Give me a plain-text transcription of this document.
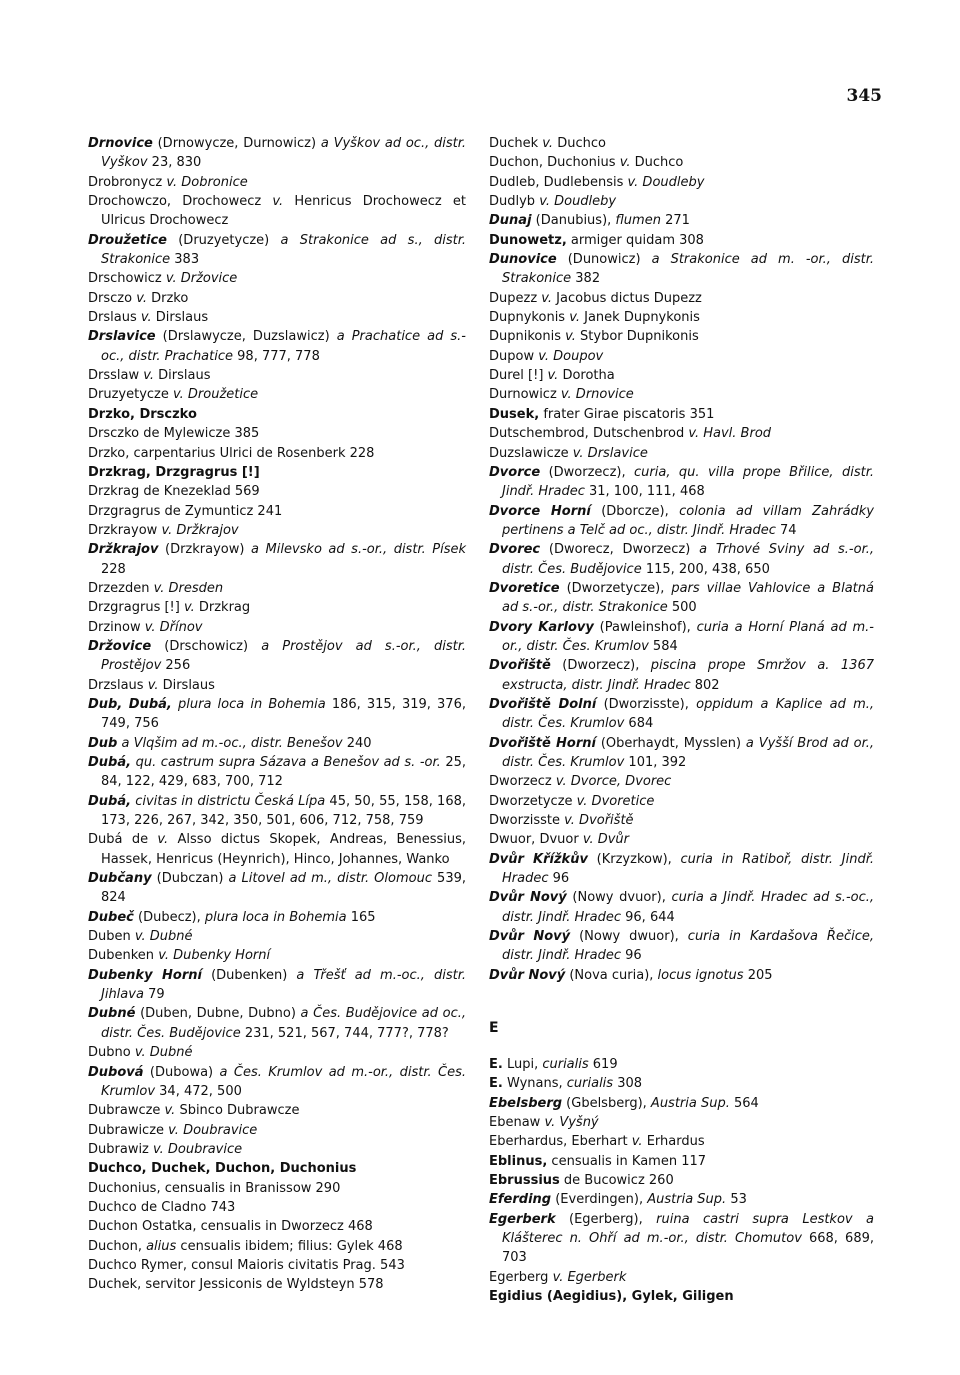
345
Drnovice (Drnowycze, Durnowicz) a Vyškov ad oc., distr. Vyškov 23, 830
Drobronycz v. Dobronice
Drochowczo, Drochowecz v. Henricus Drochowecz et Ulricus Drochowecz
Droužetice (Druzyetycze) a Strakonice ad s., distr. Strakonice 383
Drschowicz v. Držovice
Drsczo v. Drzko
Drslaus v. Dirslaus
Drslavice (Drslawycze, Duzslawicz) a Prachatice ad s.-oc., distr. Prachatice 98, 777, 778
Drsslaw v. Dirslaus
Druzyetycze v. Droužetice
Drzko, Drsczko
Drsczko de Mylewicze 385
Drzko, carpentarius Ulrici de Rosenberk 228
Drzkrag, Drzgragrus [!]
Drzkrag de Knezeklad 569
Drzgragrus de Zymunticz 241
Drzkrayow v. Držkrajov
Držkrajov (Drzkrayow) a Milevsko ad s.-or., distr. Písek 228
Drzezden v. Dresden
Drzgragrus [!] v. Drzkrag
Drzinow v. Dřínov
Držovice (Drschowicz) a Prostějov ad s.-or., distr. Prostějov 256
Drzslaus v. Dirslaus
Dub, Dubá, plura loca in Bohemia 186, 315, 319, 376, 749, 756
Dub a Vlqšim ad m.-oc., distr. Benešov 240
Dubá, qu. castrum supra Sázava a Benešov ad s. -or. 25, 84, 122, 429, 683, 700, 712
Dubá, civitas in districtu Česká Lípa 45, 50, 55, 158, 168, 173, 226, 267, 342, 350, 501, 606, 712, 758, 759
Dubá de v. Alsso dictus Skopek, Andreas, Benessius, Hassek, Henricus (Heynrich), Hinco, Johannes, Wanko
Dubčany (Dubczan) a Litovel ad m., distr. Olomouc 539, 824
Dubeč (Dubecz), plura loca in Bohemia 165
Duben v. Dubné
Dubenken v. Dubenky Horní
Dubenky Horní (Dubenken) a Třešť ad m.-oc., distr. Jihlava 79
Dubné (Duben, Dubne, Dubno) a Čes. Budějovice ad oc., distr. Čes. Budějovice 231, 521, 567, 744, 777?, 778?
Dubno v. Dubné
Dubová (Dubowa) a Čes. Krumlov ad m.-or., distr. Čes. Krumlov 34, 472, 500
Dubrawcze v. Sbinco Dubrawcze
Dubrawicze v. Doubravice
Dubrawiz v. Doubravice
Duchco, Duchek, Duchon, Duchonius
Duchonius, censualis in Branissow 290
Duchco de Cladno 743
Duchon Ostatka, censualis in Dworzecz 468
Duchon, alius censualis ibidem; filius: Gylek 468
Duchco Rymer, consul Maioris civitatis Prag. 543
Duchek, servitor Jessiconis de Wyldsteyn 578
Duchek v. Duchco
Duchon, Duchonius v. Duchco
Dudleb, Dudlebensis v. Doudleby
Dudlyb v. Doudleby
Dunaj (Danubius), flumen 271
Dunowetz, armiger quidam 308
Dunovice (Dunowicz) a Strakonice ad m. -or., distr. Strakonice 382
Dupezz v. Jacobus dictus Dupezz
Dupnykonis v. Janek Dupnykonis
Dupnikonis v. Stybor Dupnikonis
Dupow v. Doupov
Durel [!] v. Dorotha
Durnowicz v. Drnovice
Dusek, frater Girae piscatoris 351
Dutschembrod, Dutschenbrod v. Havl. Brod
Duzslawicze v. Drslavice
Dvorce (Dworzecz), curia, qu. villa prope Břilice, distr. Jindř. Hradec 31, 100, 111, 468
Dvorce Horní (Dborcze), colonia ad villam Zahrádky pertinens a Telč ad oc., distr. Jindř. Hradec 74
Dvorec (Dworecz, Dworzecz) a Trhové Sviny ad s.-or., distr. Čes. Budějovice 115, 200, 438, 650
Dvoretice (Dworzetycze), pars villae Vahlovice a Blatná ad s.-or., distr. Strakonice 500
Dvory Karlovy (Pawleinshof), curia a Horní Planá ad m.-or., distr. Čes. Krumlov 584
Dvořiště (Dworzecz), piscina prope Smržov a. 1367 exstructa, distr. Jindř. Hradec 802
Dvořiště Dolní (Dworzisste), oppidum a Kaplice ad m., distr. Čes. Krumlov 684
Dvořiště Horní (Oberhaydt, Mysslen) a Vyšší Brod ad or., distr. Čes. Krumlov 101, 392
Dworzecz v. Dvorce, Dvorec
Dworzetycze v. Dvoretice
Dworzisste v. Dvořiště
Dwuor, Dvuor v. Dvůr
Dvůr Křížkův (Krzyzkow), curia in Ratiboř, distr. Jindř. Hradec 96
Dvůr Nový (Nowy dvuor), curia a Jindř. Hradec ad s.-oc., distr. Jindř. Hradec 96, 644
Dvůr Nový (Nowy dwuor), curia in Kardašova Řečice, distr. Jindř. Hradec 96
Dvůr Nový (Nova curia), locus ignotus 205
E
E. Lupi, curialis 619
E. Wynans, curialis 308
Ebelsberg (Gbelsberg), Austria Sup. 564
Ebenaw v. Vyšný
Eberhardus, Eberhart v. Erhardus
Eblinus, censualis in Kamen 117
Ebrussius de Bucowicz 260
Eferding (Everdingen), Austria Sup. 53
Egerberk (Egerberg), ruina castri supra Lestkov a Klášterec n. Ohří ad m.-or., distr. Chomutov 668, 689, 703
Egerberg v. Egerberk
Egidius (Aegidius), Gylek, Giligen
